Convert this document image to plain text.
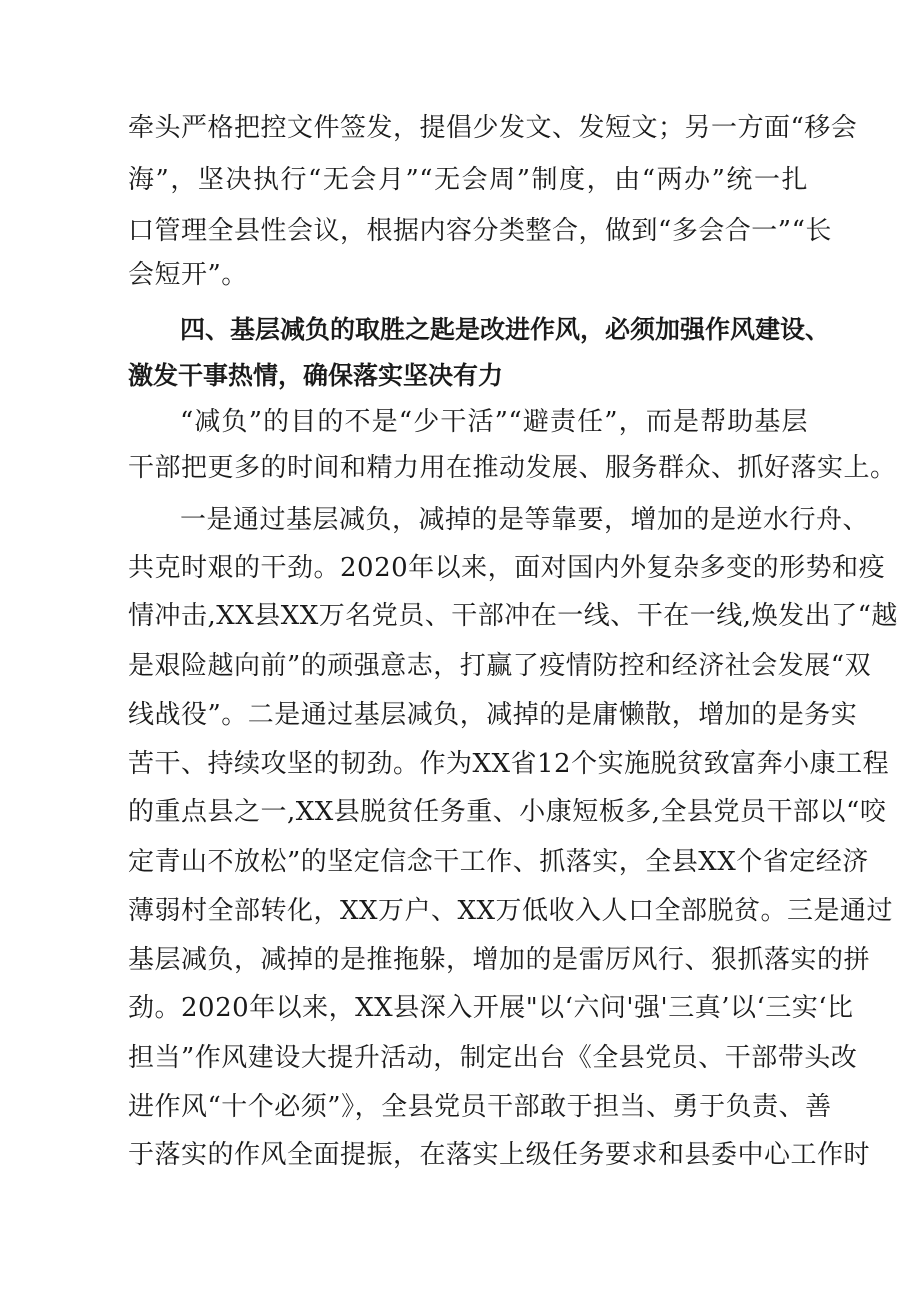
牵头严格把控文件签发，提倡少发文、发短文；另一方面“移会
海”，坚决执行“无会月”“无会周”制度，由“两办”统一扎
口管理全县性会议，根据内容分类整合，做到“多会合一”“长
会短开”。
四、基层减负的取胜之匙是改进作风，必须加强作风建设、
激发干事热情，确保落实坚决有力
“减负”的目的不是“少干活”“避责任”，而是帮助基层
干部把更多的时间和精力用在推动发展、服务群众、抓好落实上。
一是通过基层减负，减掉的是等靠要，增加的是逆水行舟、
共克时艰的干劲。2020年以来，面对国内外复杂多变的形势和疫
情冲击,XX县XX万名党员、干部冲在一线、干在一线,焕发出了“越
是艰险越向前”的顽强意志，打赢了疫情防控和经济社会发展“双
线战役”。二是通过基层减负，减掉的是庸懒散，增加的是务实
苦干、持续攻坚的韧劲。作为XX省12个实施脱贫致富奔小康工程
的重点县之一,XX县脱贫任务重、小康短板多,全县党员干部以“咬
定青山不放松”的坚定信念干工作、抓落实，全县XX个省定经济
薄弱村全部转化，XX万户、XX万低收入人口全部脱贫。三是通过
基层减负，减掉的是推拖躲，增加的是雷厉风行、狠抓落实的拼
劲。2020年以来，XX县深入开展"以‘六问'强'三真’以‘三实‘比
担当”作风建设大提升活动，制定出台《全县党员、干部带头改
进作风“十个必须”》，全县党员干部敢于担当、勇于负责、善
于落实的作风全面提振，在落实上级任务要求和县委中心工作时
